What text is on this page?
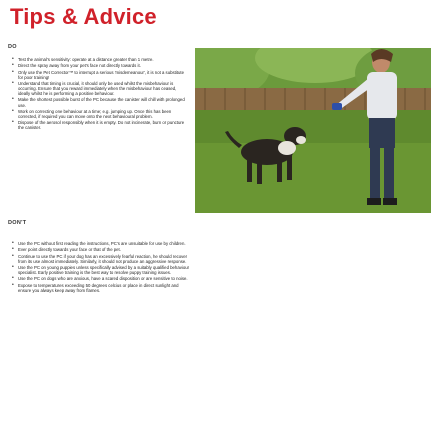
Tips & Advice
DO
• Test the animal's sensitivity: operate at a distance greater than 1 metre.
• Direct the spray away from your pet's face not directly towards it.
• Only use the Pet Corrector™ to interrupt a serious 'misdemeanour', it is not a substitute for poor training!
• Understand that timing is crucial, it should only be used whilst the misbehaviour is occurring. Ensure that you reward immediately when the misbehaviour has ceased, ideally whilst he is performing a positive behaviour.
• Make the shortest possible burst of the PC because the canister will chill with prolonged use.
• Work on correcting one behaviour at a time; e.g. jumping up. Once this has been corrected, if required you can move onto the next behavioural problem.
• Dispose of the aerosol responsibly when it is empty. Do not incinerate, burn or puncture the canister.
DON'T
• Use the PC without first reading the instructions, PC's are unsuitable for use by children.
• Ever point directly towards your face or that of the pet.
• Continue to use the PC if your dog has an excessively fearful reaction, he should recover from its use almost immediately. Similarly, it should not produce an aggressive response.
• Use the PC on young puppies unless specifically advised by a suitably qualified behaviour specialist. Early positive training is the best way to resolve puppy training issues.
• Use the PC on dogs who are anxious, have a scared disposition or are sensitive to noise.
• Expose to temperatures exceeding 50 degrees celcius or place in direct sunlight and ensure you always keep away from flames.
